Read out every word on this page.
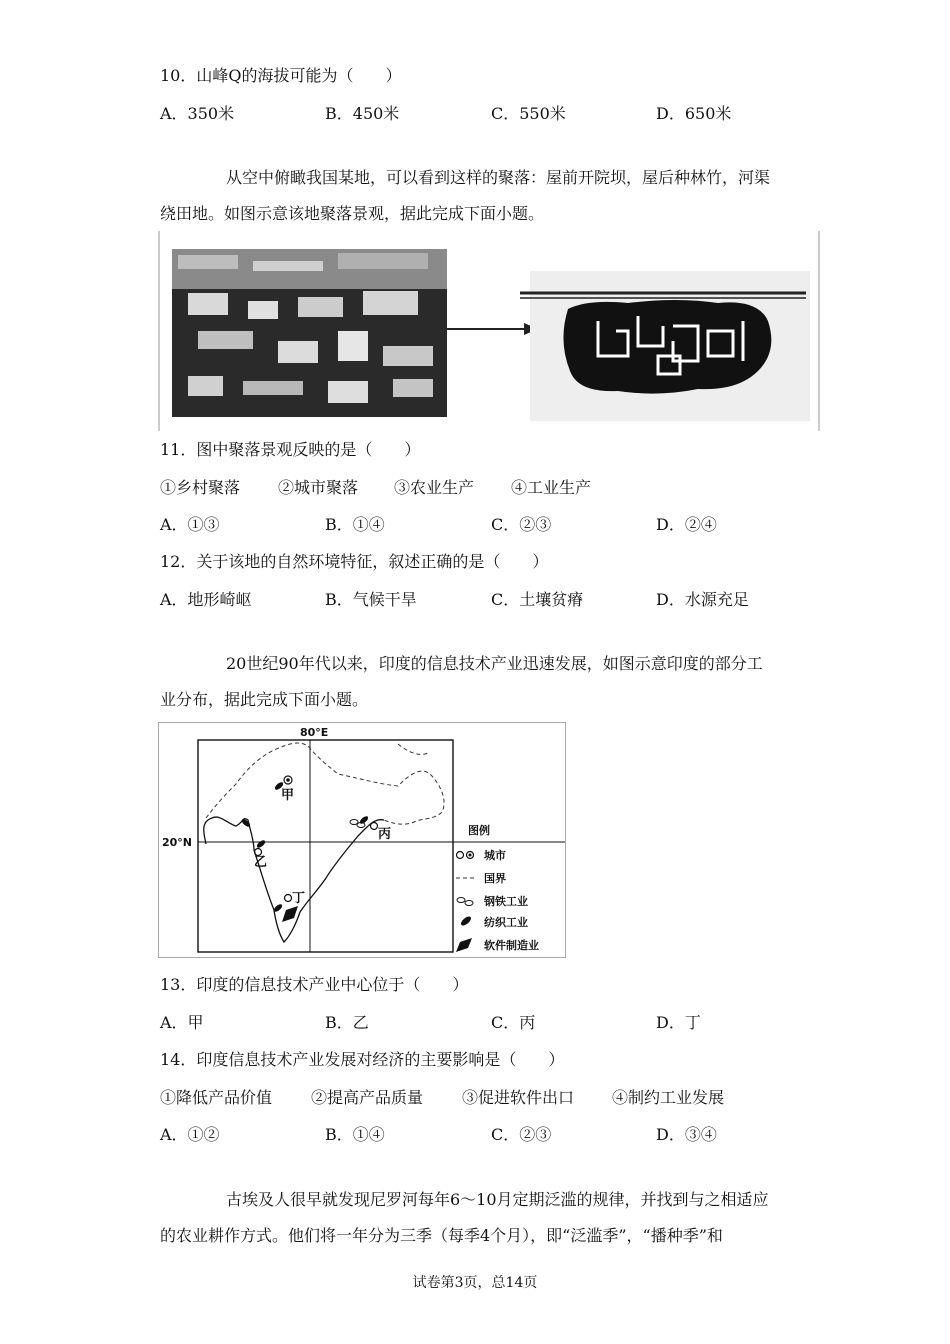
10．山峰Q的海拔可能为（　　）
A．350米	B．450米	C．550米	D．650米
从空中俯瞰我国某地，可以看到这样的聚落：屋前开院坝，屋后种林竹，河渠
绕田地。如图示意该地聚落景观，据此完成下面小题。
11．图中聚落景观反映的是（　　）
①乡村聚落 ②城市聚落 ③农业生产 ④工业生产
A．①③	B．①④	C．②③	D．②④
12．关于该地的自然环境特征，叙述正确的是（　　）
A．地形崎岖	B．气候干旱	C．土壤贫瘠	D．水源充足
20世纪90年代以来，印度的信息技术产业迅速发展，如图示意印度的部分工
业分布，据此完成下面小题。
80°E
20°N
甲
乙
丙
丁
图例
城市
国界
钢铁工业
纺织工业
软件制造业
13．印度的信息技术产业中心位于（　　）
A．甲	B．乙	C．丙	D．丁
14．印度信息技术产业发展对经济的主要影响是（　　）
①降低产品价值 ②提高产品质量 ③促进软件出口 ④制约工业发展
A．①②	B．①④	C．②③	D．③④
古埃及人很早就发现尼罗河每年6～10月定期泛滥的规律，并找到与之相适应
的农业耕作方式。他们将一年分为三季（每季4个月），即“泛滥季”，“播种季”和
试卷第3页，总14页
